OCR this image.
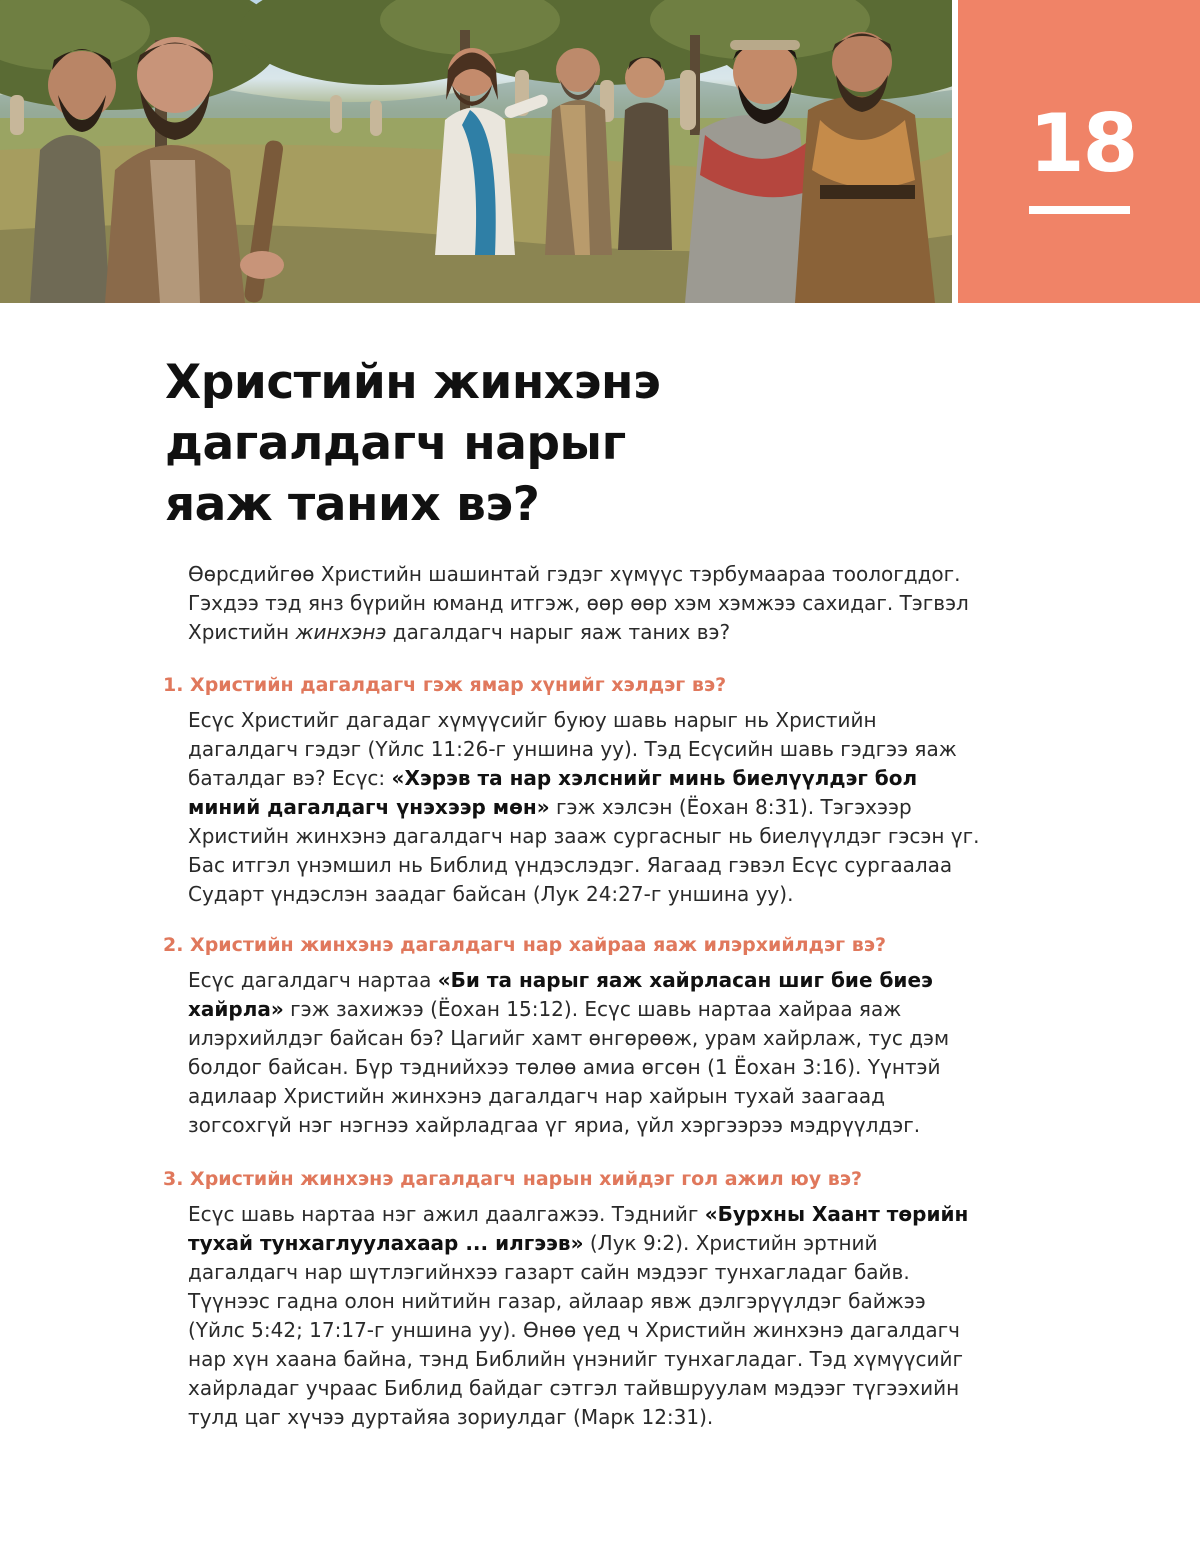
18
Христийн жинхэнэ
дагалдагч нарыг
яаж таних вэ?

Өөрсдийгөө Христийн шашинтай гэдэг хүмүүс тэрбумаараа тоологддог. Гэхдээ тэд янз бүрийн юманд итгэж, өөр өөр хэм хэмжээ сахидаг. Тэгвэл Христийн жинхэнэ дагалдагч нарыг яаж таних вэ?

1. Христийн дагалдагч гэж ямар хүнийг хэлдэг вэ?

Есүс Христийг дагадаг хүмүүсийг буюу шавь нарыг нь Христийн дагалдагч гэдэг (Үйлс 11:26-г уншина уу). Тэд Есүсийн шавь гэдгээ яаж баталдаг вэ? Есүс: «Хэрэв та нар хэлснийг минь биелүүлдэг бол миний дагалдагч үнэхээр мөн» гэж хэлсэн (Ёохан 8:31). Тэгэхээр Христийн жинхэнэ дагалдагч нар зааж сургасныг нь биелүүлдэг гэсэн үг. Бас итгэл үнэмшил нь Библид үндэслэдэг. Яагаад гэвэл Есүс сургаалаа Сударт үндэслэн заадаг байсан (Лук 24:27-г уншина уу).

2. Христийн жинхэнэ дагалдагч нар хайраа яаж илэрхийлдэг вэ?

Есүс дагалдагч нартаа «Би та нарыг яаж хайрласан шиг бие биеэ хайрла» гэж захижээ (Ёохан 15:12). Есүс шавь нартаа хайраа яаж илэрхийлдэг байсан бэ? Цагийг хамт өнгөрөөж, урам хайрлаж, тус дэм болдог байсан. Бүр тэднийхээ төлөө амиа өгсөн (1 Ёохан 3:16). Үүнтэй адилаар Христийн жинхэнэ дагалдагч нар хайрын тухай заагаад зогсохгүй нэг нэгнээ хайрладгаа үг яриа, үйл хэргээрээ мэдрүүлдэг.

3. Христийн жинхэнэ дагалдагч нарын хийдэг гол ажил юу вэ?

Есүс шавь нартаа нэг ажил даалгажээ. Тэднийг «Бурхны Хаант төрийн тухай тунхаглуулахаар ... илгээв» (Лук 9:2). Христийн эртний дагалдагч нар шүтлэгийнхээ газарт сайн мэдээг тунхагладаг байв. Түүнээс гадна олон нийтийн газар, айлаар явж дэлгэрүүлдэг байжээ (Үйлс 5:42; 17:17-г уншина уу). Өнөө үед ч Христийн жинхэнэ дагалдагч нар хүн хаана байна, тэнд Библийн үнэнийг тунхагладаг. Тэд хүмүүсийг хайрладаг учраас Библид байдаг сэтгэл тайвшруулам мэдээг түгээхийн тулд цаг хүчээ дуртайяа зориулдаг (Марк 12:31).
